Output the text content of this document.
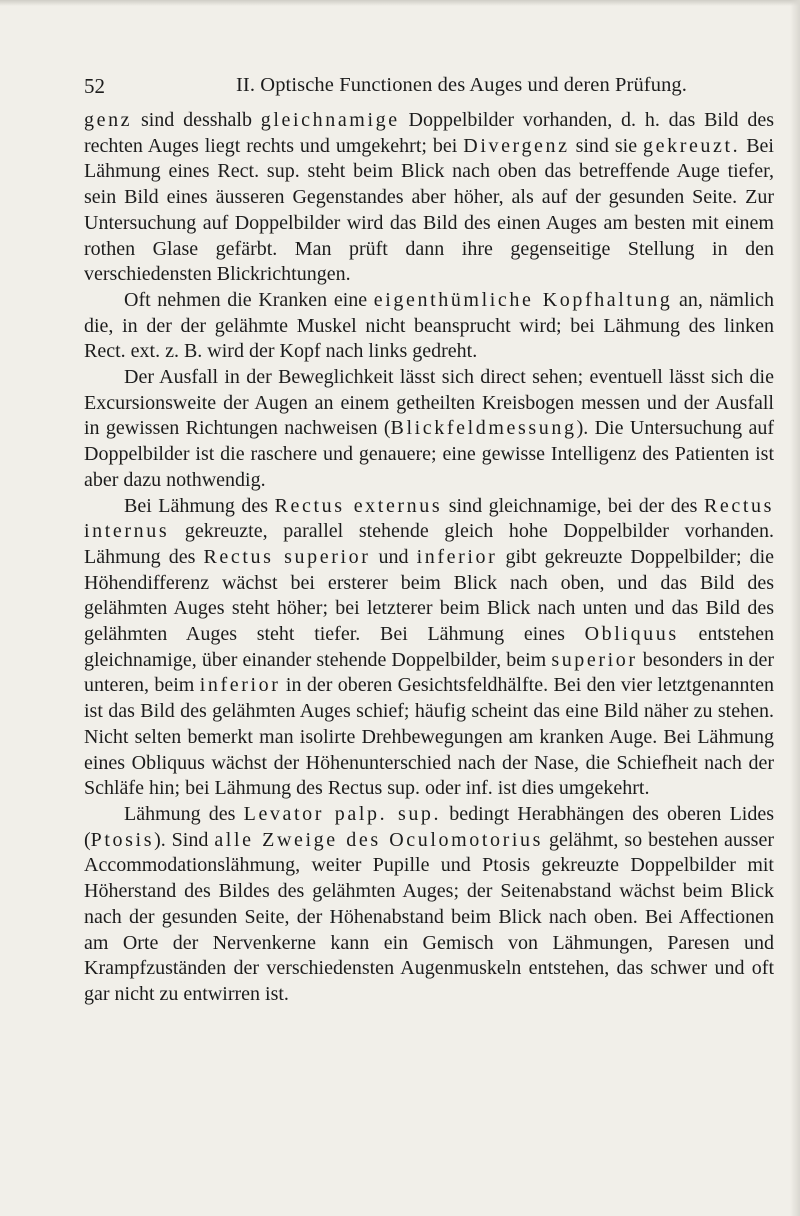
52	II. Optische Functionen des Auges und deren Prüfung.

genz sind desshalb gleichnamige Doppelbilder vorhanden, d. h. das Bild des rechten Auges liegt rechts und umgekehrt; bei Divergenz sind sie gekreuzt. Bei Lähmung eines Rect. sup. steht beim Blick nach oben das betreffende Auge tiefer, sein Bild eines äusseren Gegenstandes aber höher, als auf der gesunden Seite. Zur Untersuchung auf Doppelbilder wird das Bild des einen Auges am besten mit einem rothen Glase gefärbt. Man prüft dann ihre gegenseitige Stellung in den verschiedensten Blickrichtungen.

Oft nehmen die Kranken eine eigenthümliche Kopfhaltung an, nämlich die, in der der gelähmte Muskel nicht beansprucht wird; bei Lähmung des linken Rect. ext. z. B. wird der Kopf nach links gedreht.

Der Ausfall in der Beweglichkeit lässt sich direct sehen; eventuell lässt sich die Excursionsweite der Augen an einem getheilten Kreisbogen messen und der Ausfall in gewissen Richtungen nachweisen (Blickfeldmessung). Die Untersuchung auf Doppelbilder ist die raschere und genauere; eine gewisse Intelligenz des Patienten ist aber dazu nothwendig.

Bei Lähmung des Rectus externus sind gleichnamige, bei der des Rectus internus gekreuzte, parallel stehende gleich hohe Doppelbilder vorhanden. Lähmung des Rectus superior und inferior gibt gekreuzte Doppelbilder; die Höhendifferenz wächst bei ersterer beim Blick nach oben, und das Bild des gelähmten Auges steht höher; bei letzterer beim Blick nach unten und das Bild des gelähmten Auges steht tiefer. Bei Lähmung eines Obliquus entstehen gleichnamige, über einander stehende Doppelbilder, beim superior besonders in der unteren, beim inferior in der oberen Gesichtsfeldhälfte. Bei den vier letztgenannten ist das Bild des gelähmten Auges schief; häufig scheint das eine Bild näher zu stehen. Nicht selten bemerkt man isolirte Drehbewegungen am kranken Auge. Bei Lähmung eines Obliquus wächst der Höhenunterschied nach der Nase, die Schiefheit nach der Schläfe hin; bei Lähmung des Rectus sup. oder inf. ist dies umgekehrt.

Lähmung des Levator palp. sup. bedingt Herabhängen des oberen Lides (Ptosis). Sind alle Zweige des Oculomotorius gelähmt, so bestehen ausser Accommodationslähmung, weiter Pupille und Ptosis gekreuzte Doppelbilder mit Höherstand des Bildes des gelähmten Auges; der Seitenabstand wächst beim Blick nach der gesunden Seite, der Höhenabstand beim Blick nach oben. Bei Affectionen am Orte der Nervenkerne kann ein Gemisch von Lähmungen, Paresen und Krampfzuständen der verschiedensten Augenmuskeln entstehen, das schwer und oft gar nicht zu entwirren ist.
